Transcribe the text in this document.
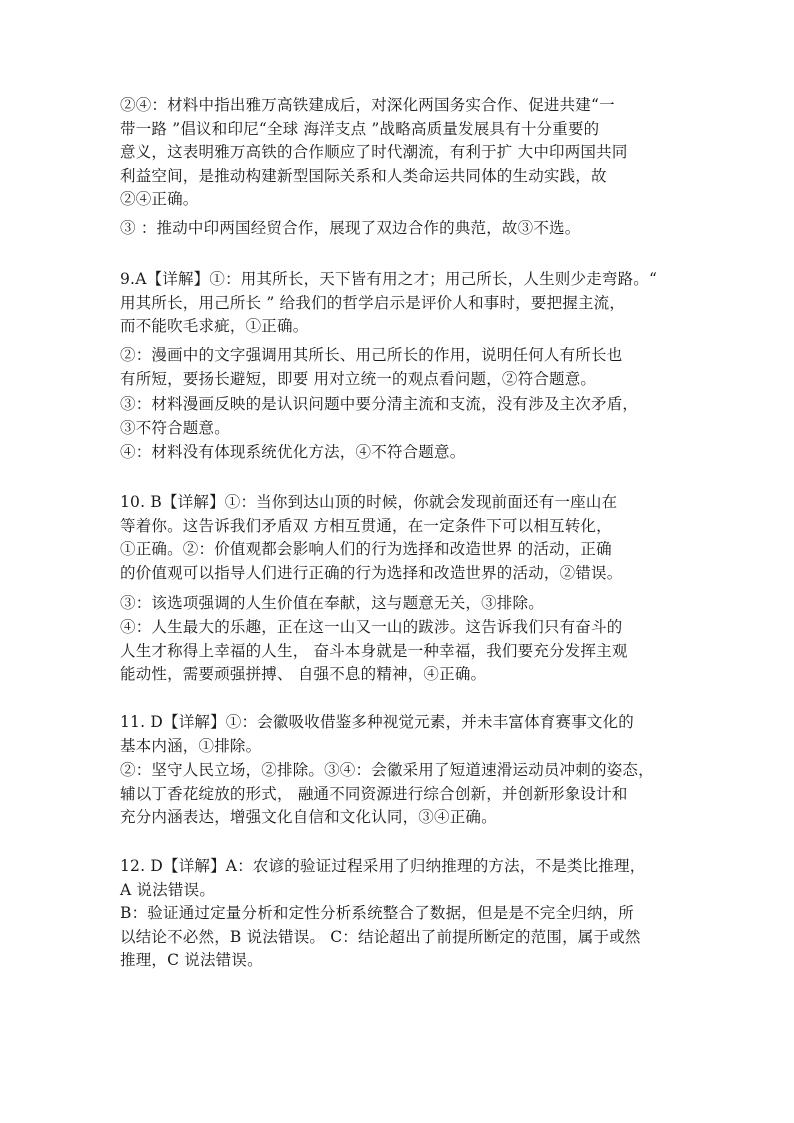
②④：材料中指出雅万高铁建成后，对深化两国务实合作、促进共建“一
带一路 ”倡议和印尼“全球 海洋支点 ”战略高质量发展具有十分重要的
意义，这表明雅万高铁的合作顺应了时代潮流，有利于扩 大中印两国共同
利益空间，是推动构建新型国际关系和人类命运共同体的生动实践，故
②④正确。
③ ：推动中印两国经贸合作，展现了双边合作的典范，故③不选。
9.A【详解】①：用其所长，天下皆有用之才；用己所长，人生则少走弯路。“
用其所长，用己所长 ” 给我们的哲学启示是评价人和事时，要把握主流，
而不能吹毛求疵，①正确。
②：漫画中的文字强调用其所长、用己所长的作用，说明任何人有所长也
有所短，要扬长避短，即要 用对立统一的观点看问题，②符合题意。
③：材料漫画反映的是认识问题中要分清主流和支流，没有涉及主次矛盾，
③不符合题意。
④：材料没有体现系统优化方法，④不符合题意。
10. B【详解】①：当你到达山顶的时候，你就会发现前面还有一座山在
等着你。这告诉我们矛盾双 方相互贯通，在一定条件下可以相互转化，
①正确。②：价值观都会影响人们的行为选择和改造世界 的活动，正确
的价值观可以指导人们进行正确的行为选择和改造世界的活动，②错误。
③：该选项强调的人生价值在奉献，这与题意无关，③排除。
④：人生最大的乐趣，正在这一山又一山的跋涉。这告诉我们只有奋斗的
人生才称得上幸福的人生， 奋斗本身就是一种幸福，我们要充分发挥主观
能动性，需要顽强拼搏、 自强不息的精神，④正确。
11. D【详解】①：会徽吸收借鉴多种视觉元素，并未丰富体育赛事文化的
基本内涵，①排除。
②：坚守人民立场，②排除。③④：会徽采用了短道速滑运动员冲刺的姿态，
辅以丁香花绽放的形式， 融通不同资源进行综合创新，并创新形象设计和
充分内涵表达，增强文化自信和文化认同，③④正确。
12. D【详解】A：农谚的验证过程采用了归纳推理的方法，不是类比推理，
A 说法错误。
B：验证通过定量分析和定性分析系统整合了数据，但是是不完全归纳，所
以结论不必然，B 说法错误。 C：结论超出了前提所断定的范围，属于或然
推理，C 说法错误。
